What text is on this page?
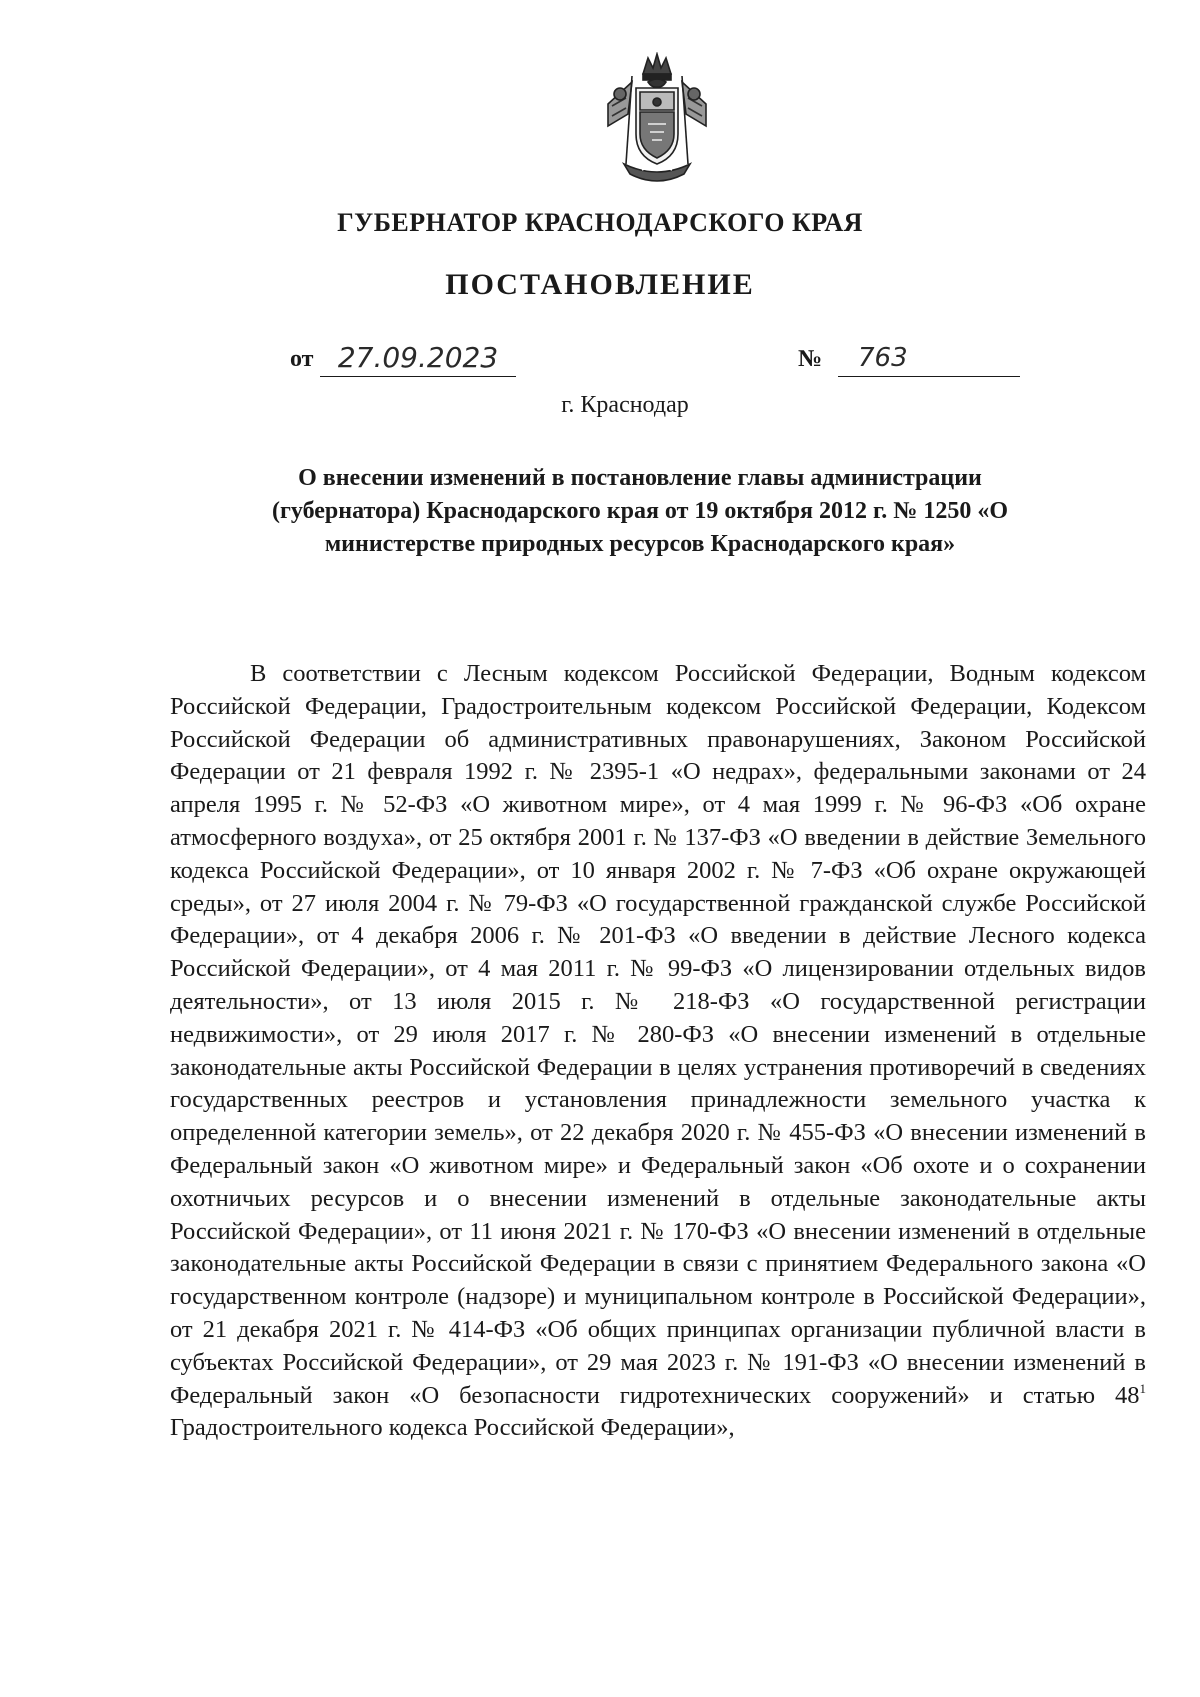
ГУБЕРНАТОР КРАСНОДАРСКОГО КРАЯ
ПОСТАНОВЛЕНИЕ
от 27.09.2023	№	763
г. Краснодар
О внесении изменений в постановление главы администрации (губернатора) Краснодарского края от 19 октября 2012 г. № 1250 «О министерстве природных ресурсов Краснодарского края»

В соответствии с Лесным кодексом Российской Федерации, Водным кодексом Российской Федерации, Градостроительным кодексом Российской Федерации, Кодексом Российской Федерации об административных правонарушениях, Законом Российской Федерации от 21 февраля 1992 г. № 2395-1 «О недрах», федеральными законами от 24 апреля 1995 г. № 52-ФЗ «О животном мире», от 4 мая 1999 г. № 96-ФЗ «Об охране атмосферного воздуха», от 25 октября 2001 г. № 137-ФЗ «О введении в действие Земельного кодекса Российской Федерации», от 10 января 2002 г. № 7-ФЗ «Об охране окружающей среды», от 27 июля 2004 г. № 79-ФЗ «О государственной гражданской службе Российской Федерации», от 4 декабря 2006 г. № 201-ФЗ «О введении в действие Лесного кодекса Российской Федерации», от 4 мая 2011 г. № 99-ФЗ «О лицензировании отдельных видов деятельности», от 13 июля 2015 г. № 218-ФЗ «О государственной регистрации недвижимости», от 29 июля 2017 г. № 280-ФЗ «О внесении изменений в отдельные законодательные акты Российской Федерации в целях устранения противоречий в сведениях государственных реестров и установления принадлежности земельного участка к определенной категории земель», от 22 декабря 2020 г. № 455-ФЗ «О внесении изменений в Федеральный закон «О животном мире» и Федеральный закон «Об охоте и о сохранении охотничьих ресурсов и о внесении изменений в отдельные законодательные акты Российской Федерации», от 11 июня 2021 г. № 170-ФЗ «О внесении изменений в отдельные законодательные акты Российской Федерации в связи с принятием Федерального закона «О государственном контроле (надзоре) и муниципальном контроле в Российской Федерации», от 21 декабря 2021 г. № 414-ФЗ «Об общих принципах организации публичной власти в субъектах Российской Федерации», от 29 мая 2023 г. № 191-ФЗ «О внесении изменений в Федеральный закон «О безопасности гидротехнических сооружений» и статью $48^1$ Градостроительного кодекса Российской Федерации»,
